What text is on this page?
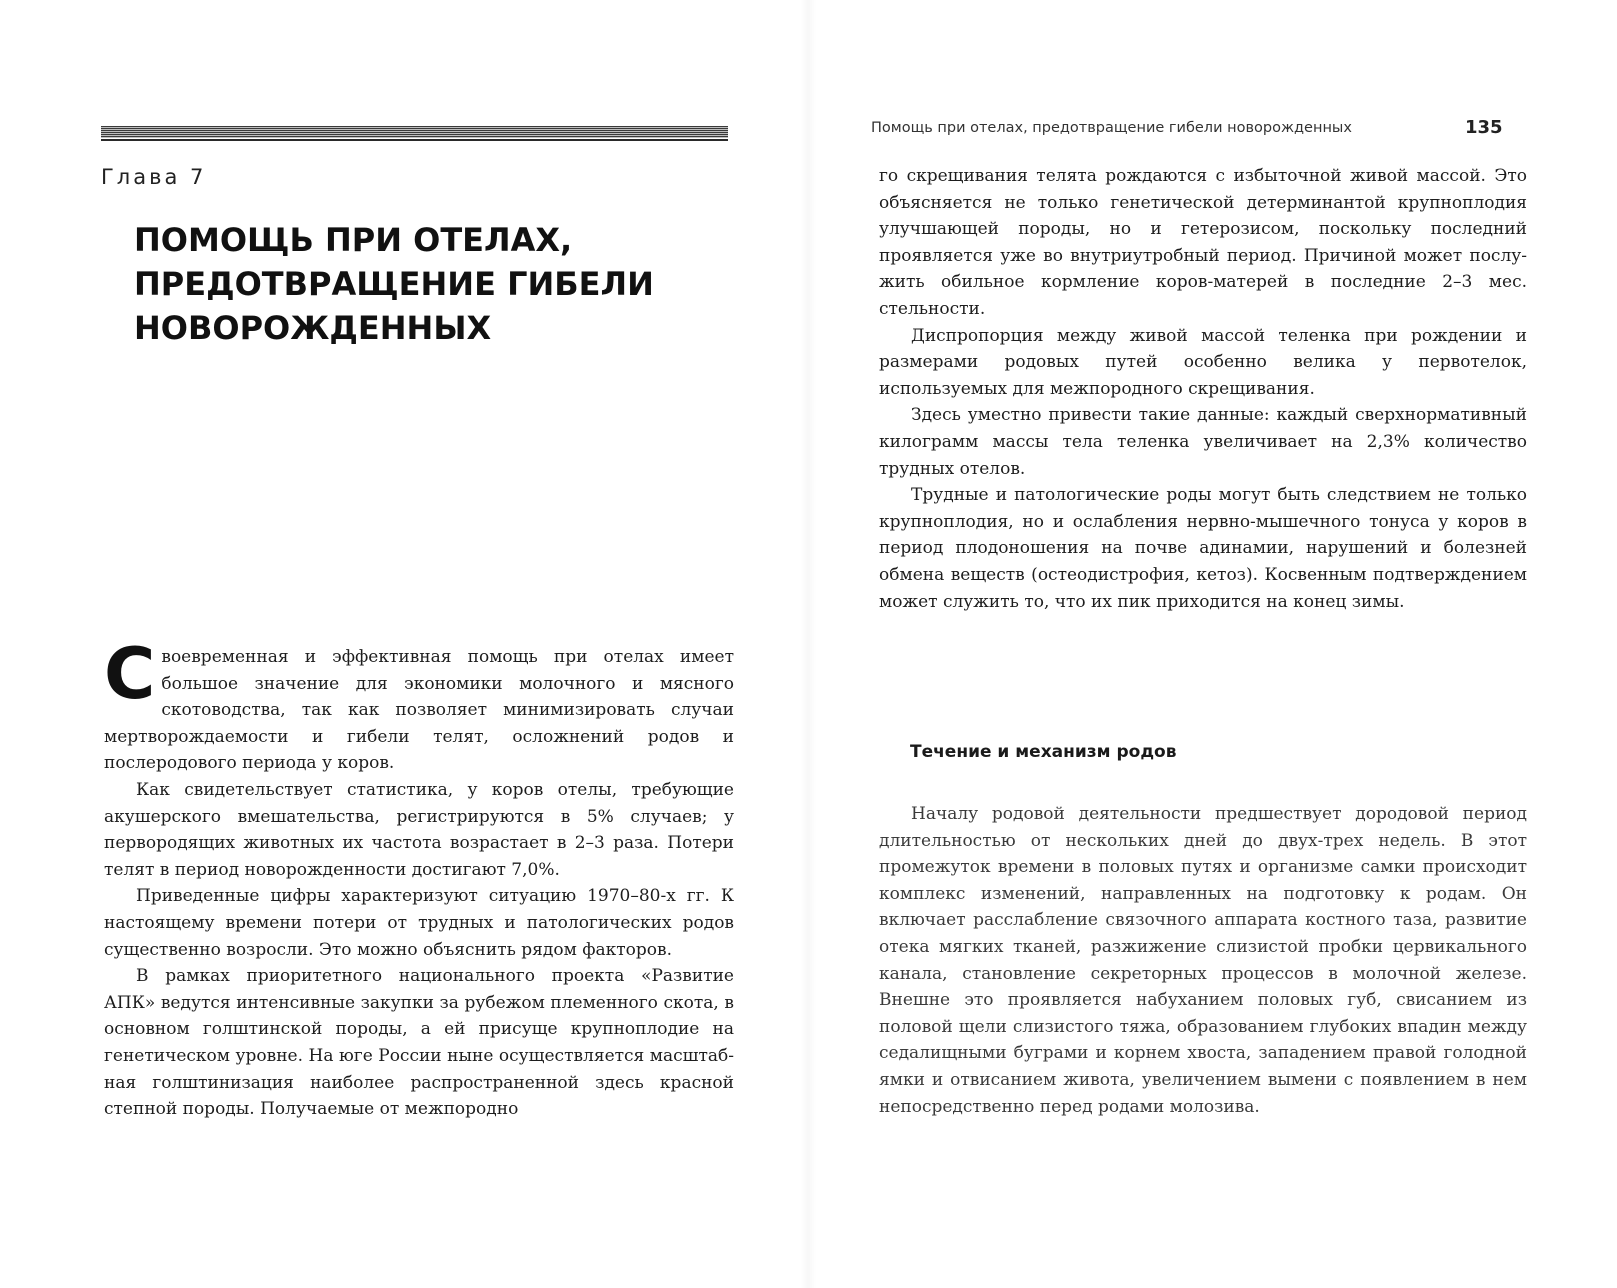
Глава 7

ПОМОЩЬ ПРИ ОТЕЛАХ,
ПРЕДОТВРАЩЕНИЕ ГИБЕЛИ
НОВОРОЖДЕННЫХ

Своевременная и эффективная помощь при отелах имеет большое значение для экономики молочного и мясного скотоводства, так как позволяет минимизировать случаи мертворождаемости и гибели телят, осложнений родов и послеродового периода у коров.

Как свидетельствует статистика, у коров отелы, требующие акушерского вмешательства, регистрируются в 5% случаев; у первородящих животных их частота возрастает в 2–3 раза. Потери телят в период новорожденности достигают 7,0%.

Приведенные цифры характеризуют ситуацию 1970–80-х гг. К настоящему времени потери от трудных и патологических родов существенно возросли. Это можно объяснить рядом факторов.

В рамках приоритетного национального проекта «Развитие АПК» ведутся интенсивные закупки за рубежом племенного скота, в основном голштинской породы, а ей присуще крупноплодие на генетическом уровне. На юге России ныне осуществляется масштабная голштинизация наиболее распространенной здесь красной степной породы. Получаемые от межпородно

Помощь при отелах, предотвращение гибели новорожденных	135

го скрещивания телята рождаются с избыточной живой массой. Это объясняется не только генетической детерминантой крупноплодия улучшающей породы, но и гетерозисом, поскольку последний проявляется уже во внутриутробный период. Причиной может послужить обильное кормление коров-матерей в последние 2–3 мес. стельности.

Диспропорция между живой массой теленка при рождении и размерами родовых путей особенно велика у первотелок, используемых для межпородного скрещивания.

Здесь уместно привести такие данные: каждый сверхнормативный килограмм массы тела теленка увеличивает на 2,3% количество трудных отелов.

Трудные и патологические роды могут быть следствием не только крупноплодия, но и ослабления нервно-мышечного тонуса у коров в период плодоношения на почве адинамии, нарушений и болезней обмена веществ (остеодистрофия, кетоз). Косвенным подтверждением может служить то, что их пик приходится на конец зимы.

Течение и механизм родов

Началу родовой деятельности предшествует дородовой период длительностью от нескольких дней до двух-трех недель. В этот промежуток времени в половых путях и организме самки происходит комплекс изменений, направленных на подготовку к родам. Он включает расслабление связочного аппарата костного таза, развитие отека мягких тканей, разжижение слизистой пробки цервикального канала, становление секреторных процессов в молочной железе. Внешне это проявляется набуханием половых губ, свисанием из половой щели слизистого тяжа, образованием глубоких впадин между седалищными буграми и корнем хвоста, западением правой голодной ямки и отвисанием живота, увеличением вымени с появлением в нем непосредственно перед родами молозива.
